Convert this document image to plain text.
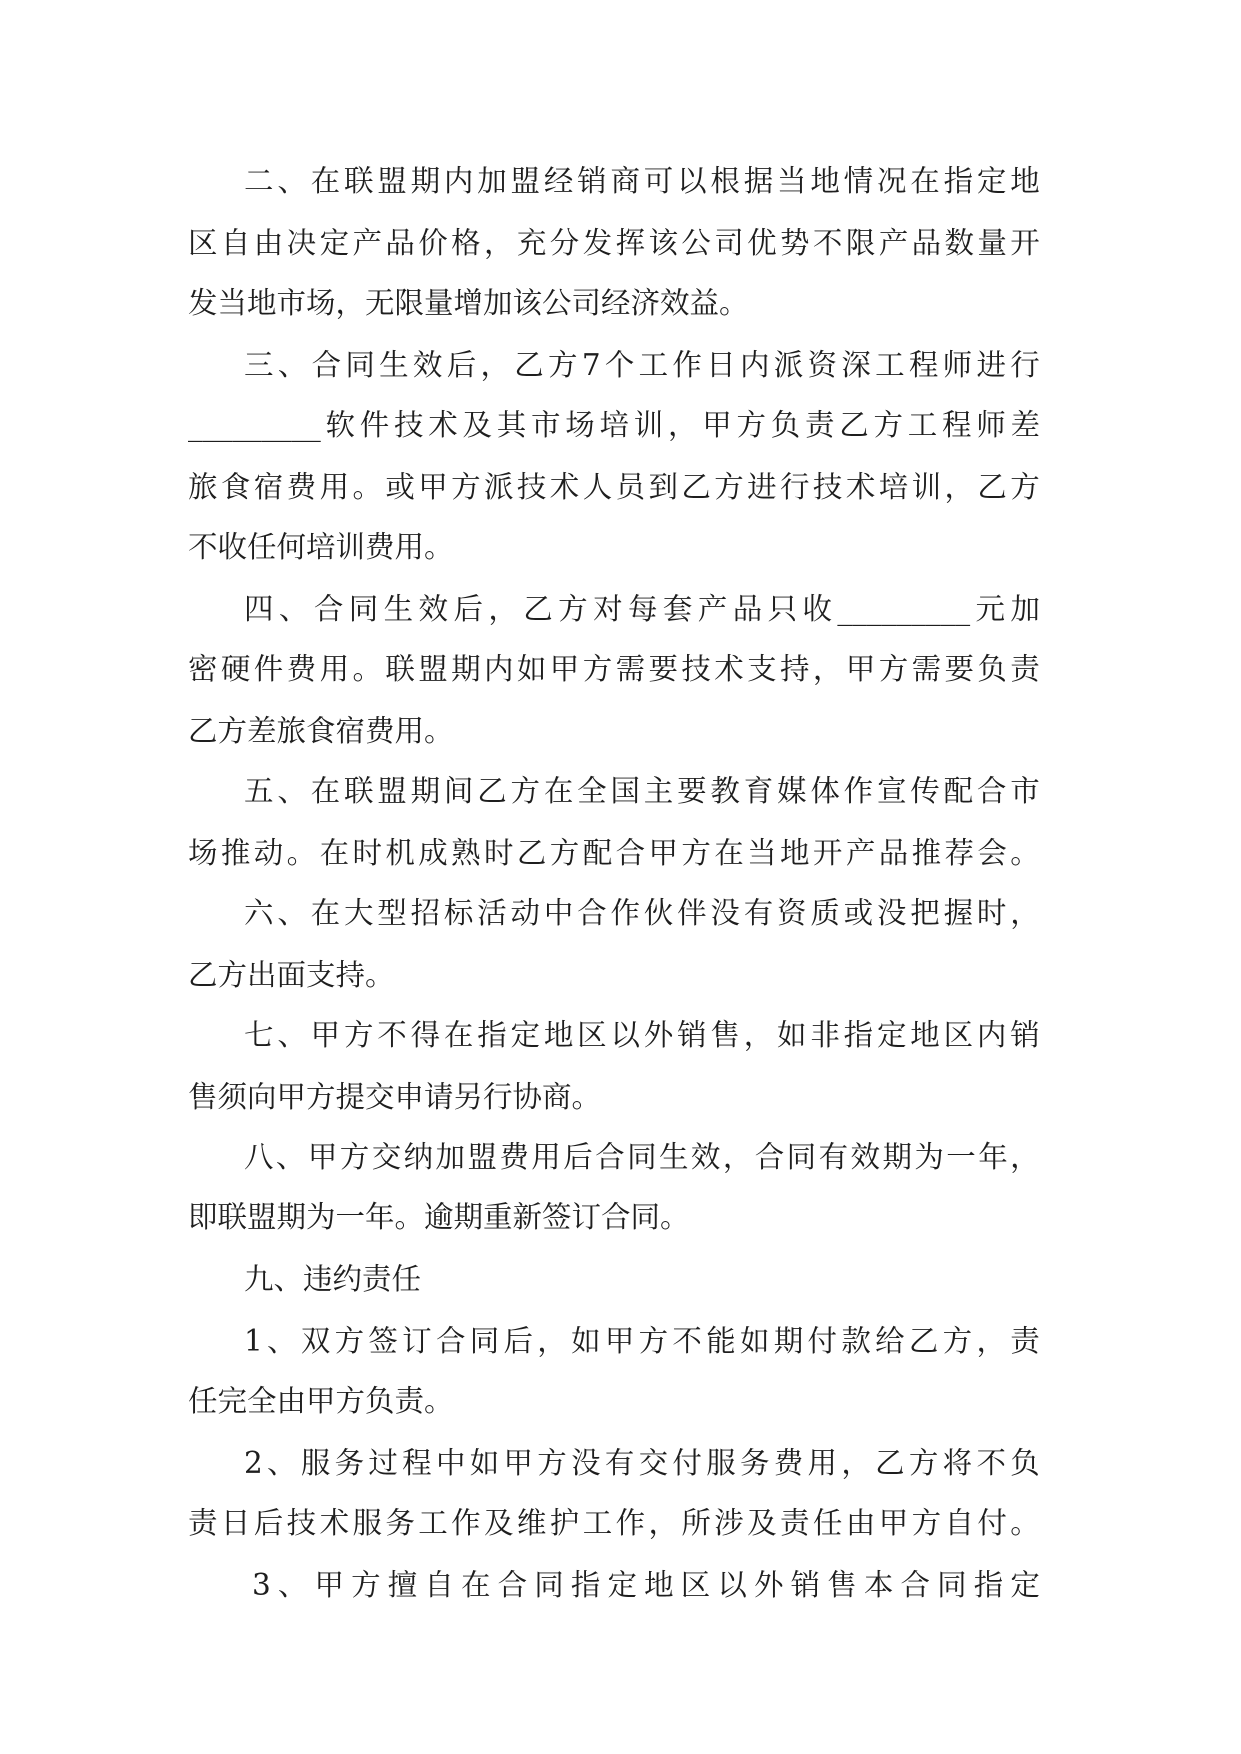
二 、 在 联 盟 期 内 加 盟 经 销 商 可 以 根 据 当 地 情 况 在 指 定 地
区 自 由 决 定 产 品 价 格 ， 充 分 发 挥 该 公 司 优 势 不 限 产 品 数 量 开
发当地市场，无限量增加该公司经济效益。
三 、 合 同 生 效 后 ， 乙 方 7 个 工 作 日 内 派 资 深 工 程 师 进 行
_________ 软 件 技 术 及 其 市 场 培 训 ， 甲 方 负 责 乙 方 工 程 师 差
旅 食 宿 费 用 。 或 甲 方 派 技 术 人 员 到 乙 方 进 行 技 术 培 训 ， 乙 方
不收任何培训费用。
四 、 合 同 生 效 后 ， 乙 方 对 每 套 产 品 只 收 _________ 元 加
密 硬 件 费 用 。 联 盟 期 内 如 甲 方 需 要 技 术 支 持 ， 甲 方 需 要 负 责
乙方差旅食宿费用。
五 、 在 联 盟 期 间 乙 方 在 全 国 主 要 教 育 媒 体 作 宣 传 配 合 市
场 推 动 。 在 时 机 成 熟 时 乙 方 配 合 甲 方 在 当 地 开 产 品 推 荐 会 。
六 、 在 大 型 招 标 活 动 中 合 作 伙 伴 没 有 资 质 或 没 把 握 时 ，
乙方出面支持。
七 、 甲 方 不 得 在 指 定 地 区 以 外 销 售 ， 如 非 指 定 地 区 内 销
售须向甲方提交申请另行协商。
八 、 甲 方 交 纳 加 盟 费 用 后 合 同 生 效 ， 合 同 有 效 期 为 一 年 ，
即联盟期为一年。逾期重新签订合同。
九、违约责任
1 、 双 方 签 订 合 同 后 ， 如 甲 方 不 能 如 期 付 款 给 乙 方 ， 责
任完全由甲方负责。
2 、 服 务 过 程 中 如 甲 方 没 有 交 付 服 务 费 用 ， 乙 方 将 不 负
责 日 后 技 术 服 务 工 作 及 维 护 工 作 ， 所 涉 及 责 任 由 甲 方 自 付 。
3 、 甲 方 擅 自 在 合 同 指 定 地 区 以 外 销 售 本 合 同 指 定
